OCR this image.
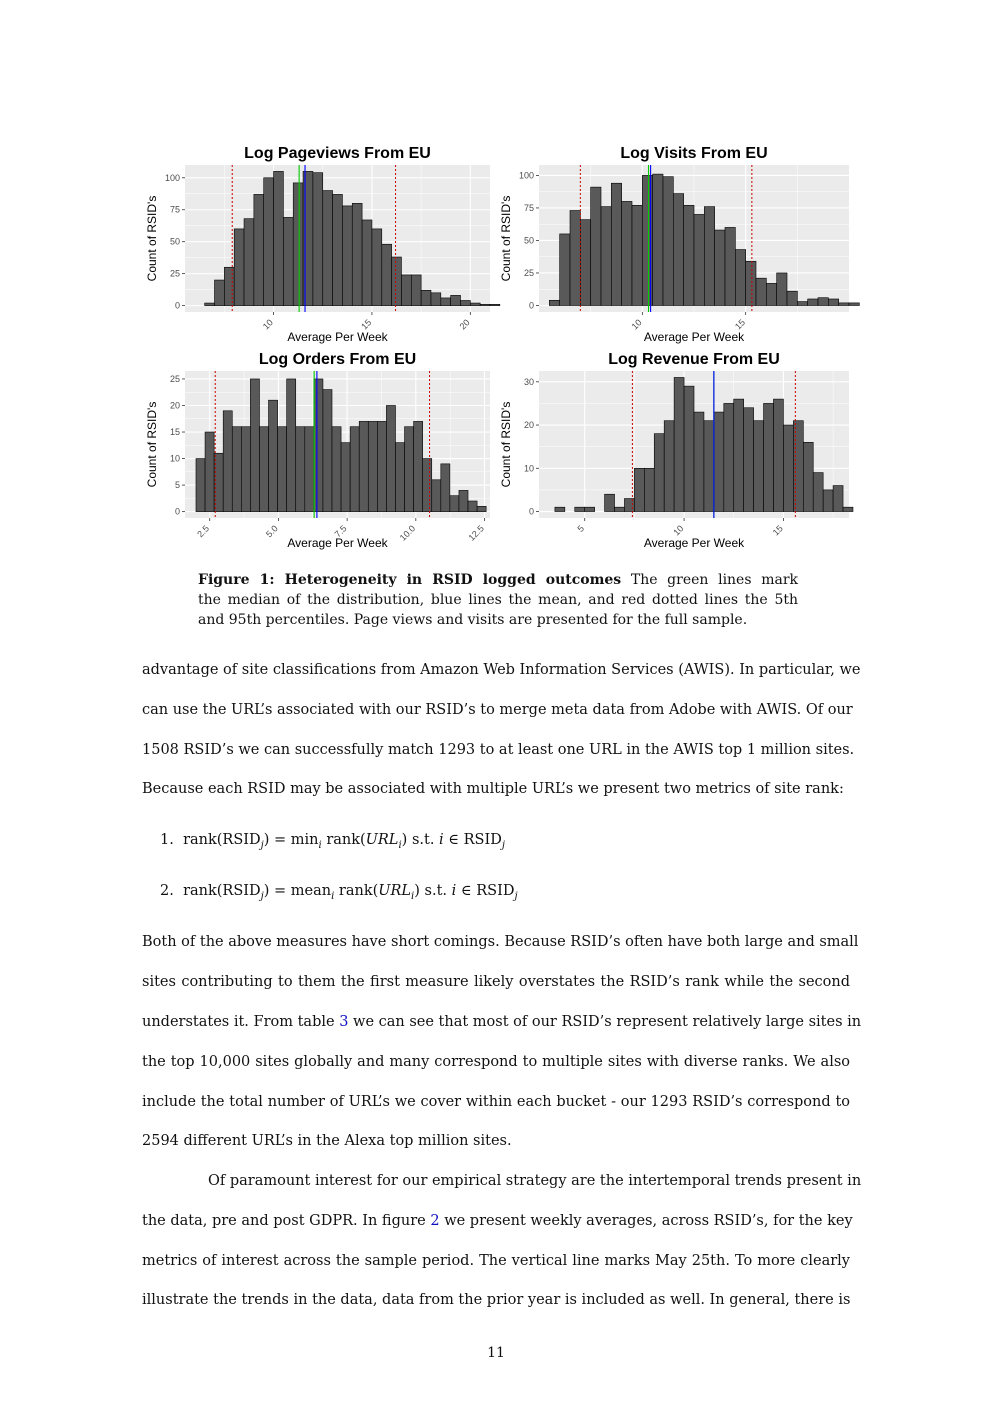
Log Pageviews From EU
0
25
50
75
100
10	15	20
Average Per Week
Count of RSID's
Log Visits From EU
0
25
50
75
100
10	15
Average Per Week
Count of RSID's
Log Orders From EU
0
5
10
15
20
25
2.5	5.0	7.5	10.0	12.5
Average Per Week
Count of RSID's
Log Revenue From EU
0
10
20
30
5	10	15
Average Per Week
Count of RSID's
Figure 1: Heterogeneity in RSID logged outcomes The green lines mark
the median of the distribution, blue lines the mean, and red dotted lines the 5th
and 95th percentiles. Page views and visits are presented for the full sample.
advantage of site classifications from Amazon Web Information Services (AWIS). In particular, we
can use the URL’s associated with our RSID’s to merge meta data from Adobe with AWIS. Of our
1508 RSID’s we can successfully match 1293 to at least one URL in the AWIS top 1 million sites.
Because each RSID may be associated with multiple URL’s we present two metrics of site rank:
1. $rank(RSID_j) = \min_i$ $rank(URL_i)$ s.t. i ∈ $RSID_j$
2. $rank(RSID_j)$ = mean$_i$ $rank(URL_i)$ s.t. i ∈ $RSID_j$
Both of the above measures have short comings. Because RSID’s often have both large and small
sites contributing to them the first measure likely overstates the RSID’s rank while the second
understates it. From table 3 we can see that most of our RSID’s represent relatively large sites in
the top 10,000 sites globally and many correspond to multiple sites with diverse ranks. We also
include the total number of URL’s we cover within each bucket - our 1293 RSID’s correspond to
2594 different URL’s in the Alexa top million sites.
Of paramount interest for our empirical strategy are the intertemporal trends present in
the data, pre and post GDPR. In figure 2 we present weekly averages, across RSID’s, for the key
metrics of interest across the sample period. The vertical line marks May 25th. To more clearly
illustrate the trends in the data, data from the prior year is included as well. In general, there is
11
